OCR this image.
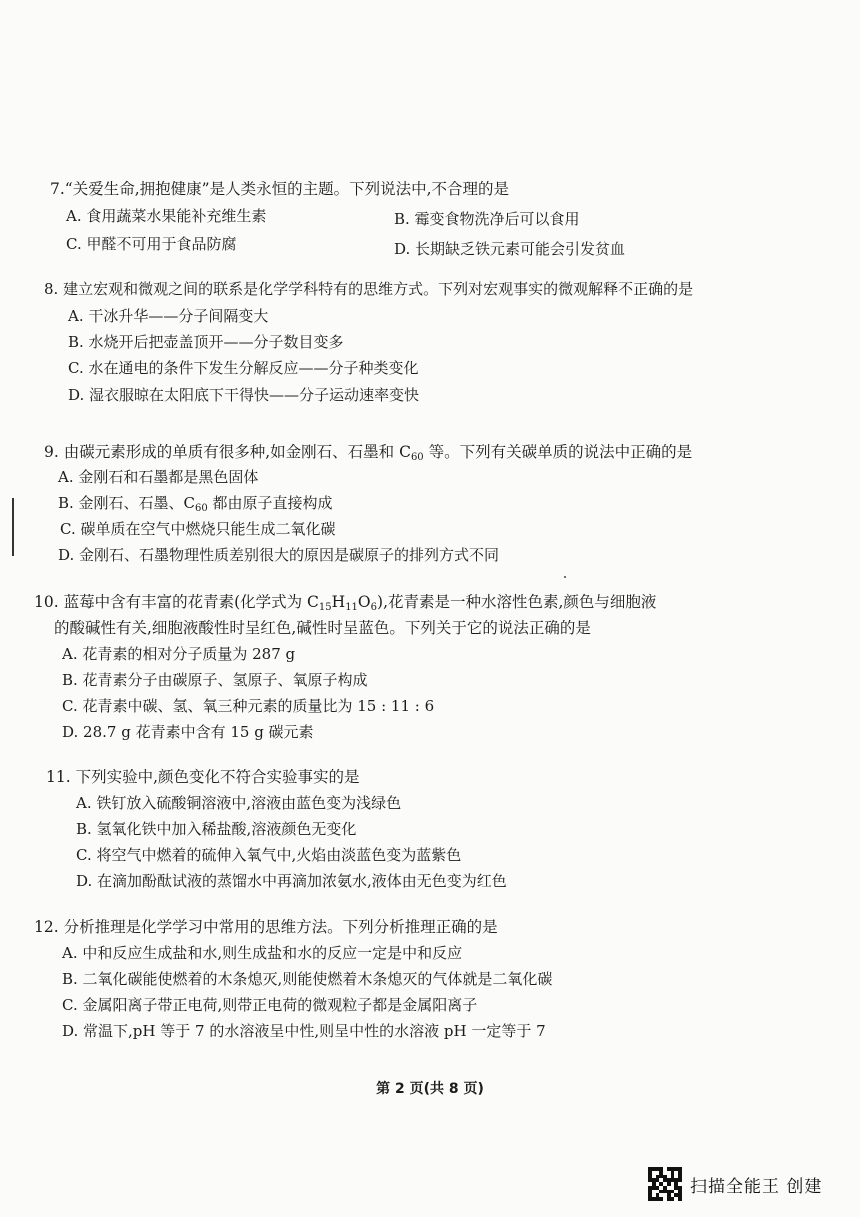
7.“关爱生命,拥抱健康”是人类永恒的主题。下列说法中,不合理的是
A. 食用蔬菜水果能补充维生素	B. 霉变食物洗净后可以食用
C. 甲醛不可用于食品防腐	D. 长期缺乏铁元素可能会引发贫血
8. 建立宏观和微观之间的联系是化学学科特有的思维方式。下列对宏观事实的微观解释不正确的是
A. 干冰升华——分子间隔变大
B. 水烧开后把壶盖顶开——分子数目变多
C. 水在通电的条件下发生分解反应——分子种类变化
D. 湿衣服晾在太阳底下干得快——分子运动速率变快
9. 由碳元素形成的单质有很多种,如金刚石、石墨和 $C_{60}$ 等。下列有关碳单质的说法中正确的是
A. 金刚石和石墨都是黑色固体
B. 金刚石、石墨、$C_{60}$ 都由原子直接构成
C. 碳单质在空气中燃烧只能生成二氧化碳
D. 金刚石、石墨物理性质差别很大的原因是碳原子的排列方式不同
10. 蓝莓中含有丰富的花青素(化学式为 $C_{15}H_{11}O_6$),花青素是一种水溶性色素,颜色与细胞液
的酸碱性有关,细胞液酸性时呈红色,碱性时呈蓝色。下列关于它的说法正确的是
A. 花青素的相对分子质量为 287 g
B. 花青素分子由碳原子、氢原子、氧原子构成
C. 花青素中碳、氢、氧三种元素的质量比为 15 : 11 : 6
D. 28.7 g 花青素中含有 15 g 碳元素
11. 下列实验中,颜色变化不符合实验事实的是
A. 铁钉放入硫酸铜溶液中,溶液由蓝色变为浅绿色
B. 氢氧化铁中加入稀盐酸,溶液颜色无变化
C. 将空气中燃着的硫伸入氧气中,火焰由淡蓝色变为蓝紫色
D. 在滴加酚酞试液的蒸馏水中再滴加浓氨水,液体由无色变为红色
12. 分析推理是化学学习中常用的思维方法。下列分析推理正确的是
A. 中和反应生成盐和水,则生成盐和水的反应一定是中和反应
B. 二氧化碳能使燃着的木条熄灭,则能使燃着木条熄灭的气体就是二氧化碳
C. 金属阳离子带正电荷,则带正电荷的微观粒子都是金属阳离子
D. 常温下,pH 等于 7 的水溶液呈中性,则呈中性的水溶液 pH 一定等于 7
第 2 页(共 8 页)
扫描全能王 创建
